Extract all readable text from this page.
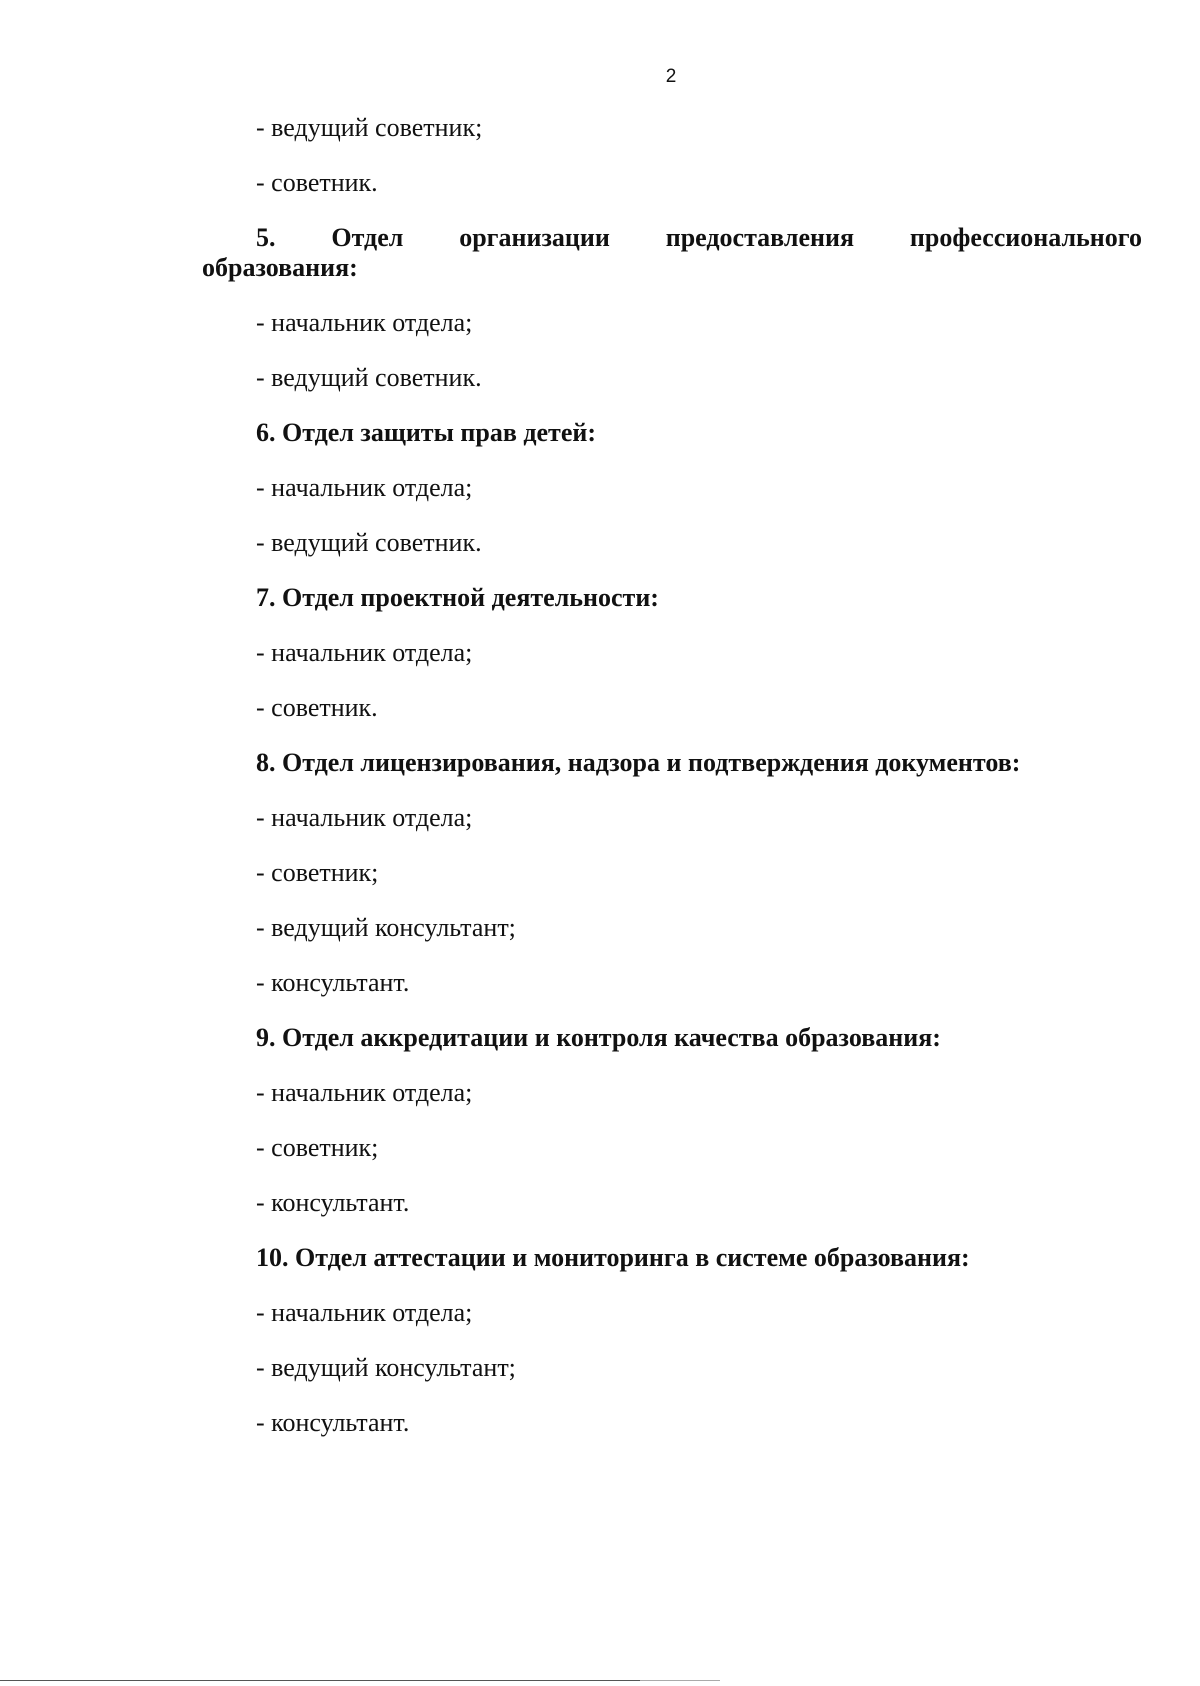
2
- ведущий советник;
- советник.
5. Отдел организации предоставления профессионального
образования:
- начальник отдела;
- ведущий советник.
6. Отдел защиты прав детей:
- начальник отдела;
- ведущий советник.
7. Отдел проектной деятельности:
- начальник отдела;
- советник.
8. Отдел лицензирования, надзора и подтверждения документов:
- начальник отдела;
- советник;
- ведущий консультант;
- консультант.
9. Отдел аккредитации и контроля качества образования:
- начальник отдела;
- советник;
- консультант.
10. Отдел аттестации и мониторинга в системе образования:
- начальник отдела;
- ведущий консультант;
- консультант.
